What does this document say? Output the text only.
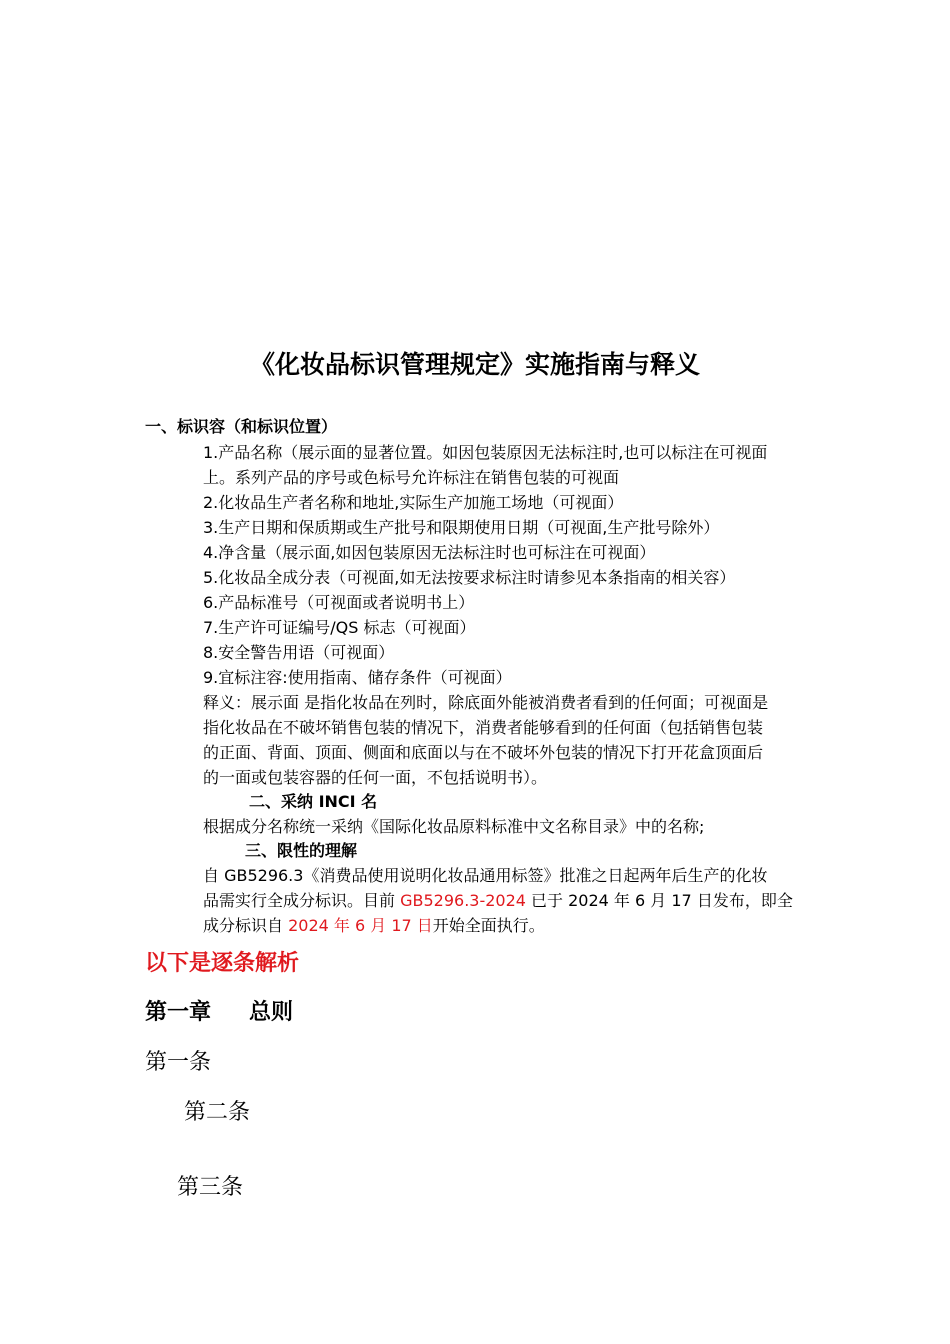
《化妆品标识管理规定》实施指南与释义
一、标识容（和标识位置）
1.产品名称（展示面的显著位置。如因包装原因无法标注时,也可以标注在可视面
上。系列产品的序号或色标号允许标注在销售包装的可视面
2.化妆品生产者名称和地址,实际生产加施工场地（可视面）
3.生产日期和保质期或生产批号和限期使用日期（可视面,生产批号除外）
4.净含量（展示面,如因包装原因无法标注时也可标注在可视面）
5.化妆品全成分表（可视面,如无法按要求标注时请参见本条指南的相关容）
6.产品标准号（可视面或者说明书上）
7.生产许可证编号/QS 标志（可视面）
8.安全警告用语（可视面）
9.宜标注容:使用指南、储存条件（可视面）
释义：展示面 是指化妆品在列时，除底面外能被消费者看到的任何面；可视面是
指化妆品在不破坏销售包装的情况下，消费者能够看到的任何面（包括销售包装
的正面、背面、顶面、侧面和底面以与在不破坏外包装的情况下打开花盒顶面后
的一面或包装容器的任何一面，不包括说明书）。
二、采纳 INCI 名
根据成分名称统一采纳《国际化妆品原料标准中文名称目录》中的名称;
三、限性的理解
自 GB5296.3《消费品使用说明化妆品通用标签》批准之日起两年后生产的化妆
品需实行全成分标识。目前 GB5296.3-2024 已于 2024 年 6 月 17 日发布，即全
成分标识自 2024 年 6 月 17 日开始全面执行。
以下是逐条解析
第一章 总则
第一条
第二条
第三条
